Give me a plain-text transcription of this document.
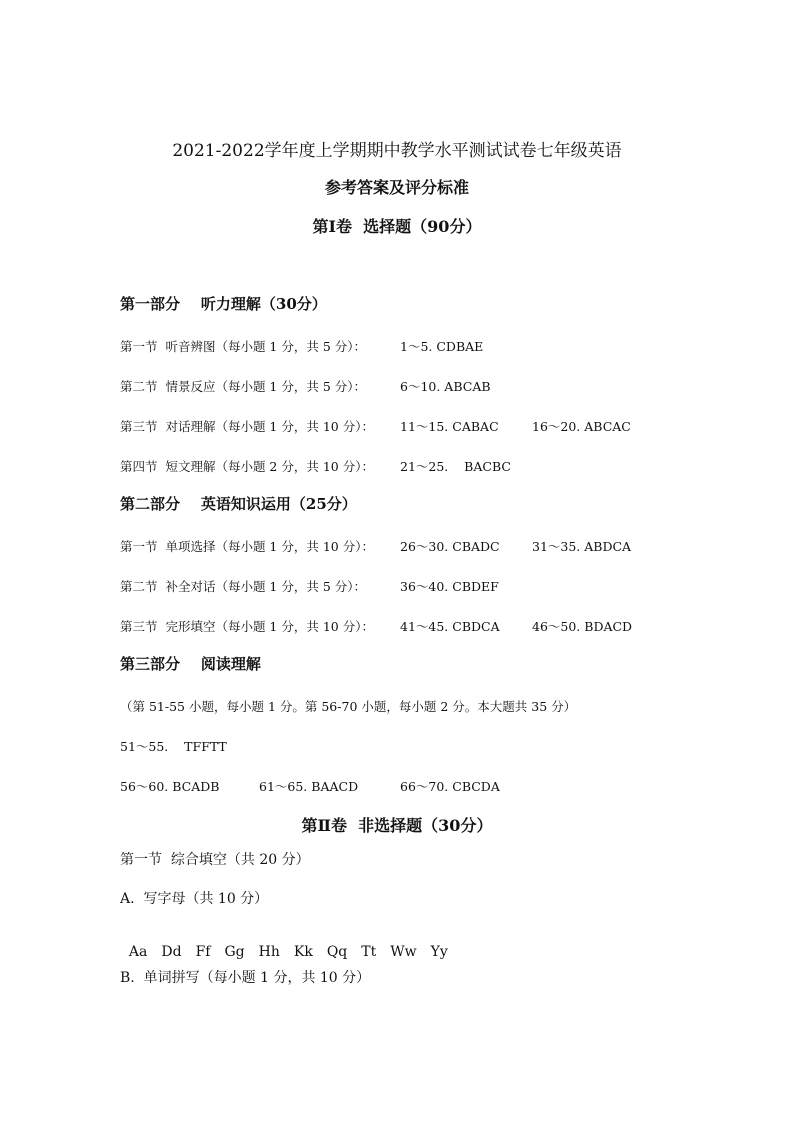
2021-2022学年度上学期期中教学水平测试试卷七年级英语
参考答案及评分标准
第Ⅰ卷  选择题（90分）
第一部分    听力理解（30分）
第一节  听音辨图（每小题 1 分，共 5 分）：	1～5. CDBAE
第二节  情景反应（每小题 1 分，共 5 分）：	6～10. ABCAB
第三节  对话理解（每小题 1 分，共 10 分）： 11～15. CABAC	16～20. ABCAC
第四节  短文理解（每小题 2 分，共 10 分）： 21～25.    BACBC
第二部分    英语知识运用（25分）
第一节  单项选择（每小题 1 分，共 10 分）： 26～30. CBADC	31～35. ABDCA
第二节  补全对话（每小题 1 分，共 5 分）：	36～40. CBDEF
第三节  完形填空（每小题 1 分，共 10 分）： 41～45. CBDCA	46～50. BDACD
第三部分    阅读理解
（第 51-55 小题，每小题 1 分。第 56-70 小题，每小题 2 分。本大题共 35 分）
51～55.    TFFTT
56～60. BCADB	61～65. BAACD	66～70. CBCDA
第Ⅱ卷  非选择题（30分）
第一节  综合填空（共 20 分）
A.  写字母（共 10 分）

Aa Dd Ff Gg Hh Kk Qq Tt Ww Yy

B.  单词拼写（每小题 1 分，共 10 分）
